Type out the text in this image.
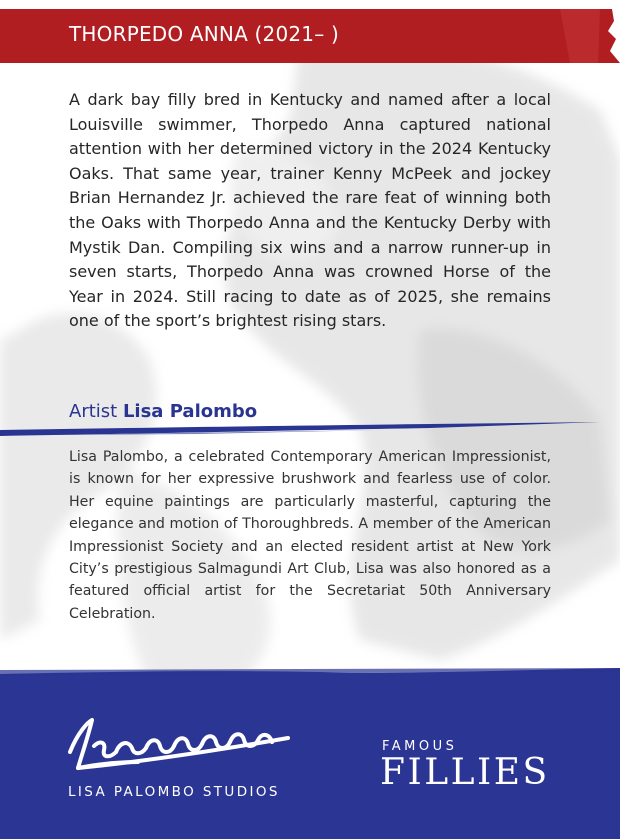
THORPEDO ANNA (2021– )

A dark bay filly bred in Kentucky and named after a local Louisville swimmer, Thorpedo Anna captured national attention with her determined victory in the 2024 Kentucky Oaks. That same year, trainer Kenny McPeek and jockey Brian Hernandez Jr. achieved the rare feat of winning both the Oaks with Thorpedo Anna and the Kentucky Derby with Mystik Dan. Compiling six wins and a narrow runner-up in seven starts, Thorpedo Anna was crowned Horse of the Year in 2024. Still racing to date as of 2025, she remains one of the sport’s brightest rising stars.

Artist Lisa Palombo

Lisa Palombo, a celebrated Contemporary American Impressionist, is known for her expressive brushwork and fearless use of color. Her equine paintings are particularly masterful, capturing the elegance and motion of Thoroughbreds. A member of the American Impressionist Society and an elected resident artist at New York City’s prestigious Salmagundi Art Club, Lisa was also honored as a featured official artist for the Secretariat 50th Anniversary Celebration.

LISA PALOMBO STUDIOS
FAMOUS
FILLIES
